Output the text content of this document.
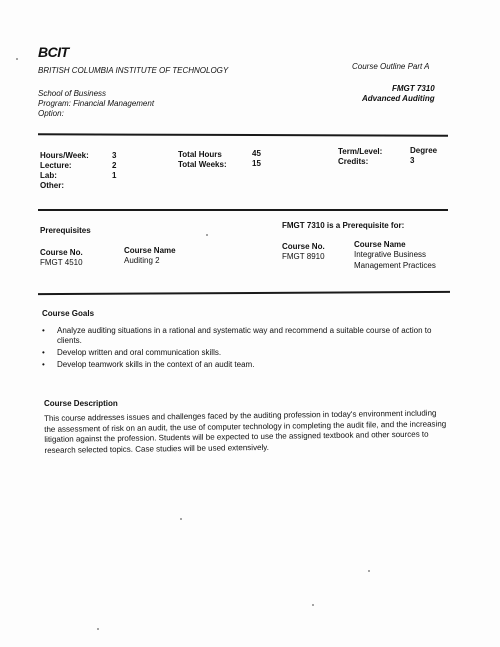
BCIT
BRITISH COLUMBIA INSTITUTE OF TECHNOLOGY	Course Outline Part A
School of Business
Program: Financial Management
Option:
FMGT 7310
Advanced Auditing
Hours/Week:	3
Lecture:	2
Lab:	1
Other:
Total Hours	45
Total Weeks:	15
Term/Level:	Degree
Credits:	3
Prerequisites
Course No.	Course Name
FMGT 4510	Auditing 2
FMGT 7310 is a Prerequisite for:
Course No.	Course Name
FMGT 8910	Integrative Business
Management Practices
Course Goals
• Analyze auditing situations in a rational and systematic way and recommend a suitable course of action to clients.
• Develop written and oral communication skills.
• Develop teamwork skills in the context of an audit team.
Course Description
This course addresses issues and challenges faced by the auditing profession in today's environment including the assessment of risk on an audit, the use of computer technology in completing the audit file, and the increasing litigation against the profession. Students will be expected to use the assigned textbook and other sources to research selected topics. Case studies will be used extensively.
